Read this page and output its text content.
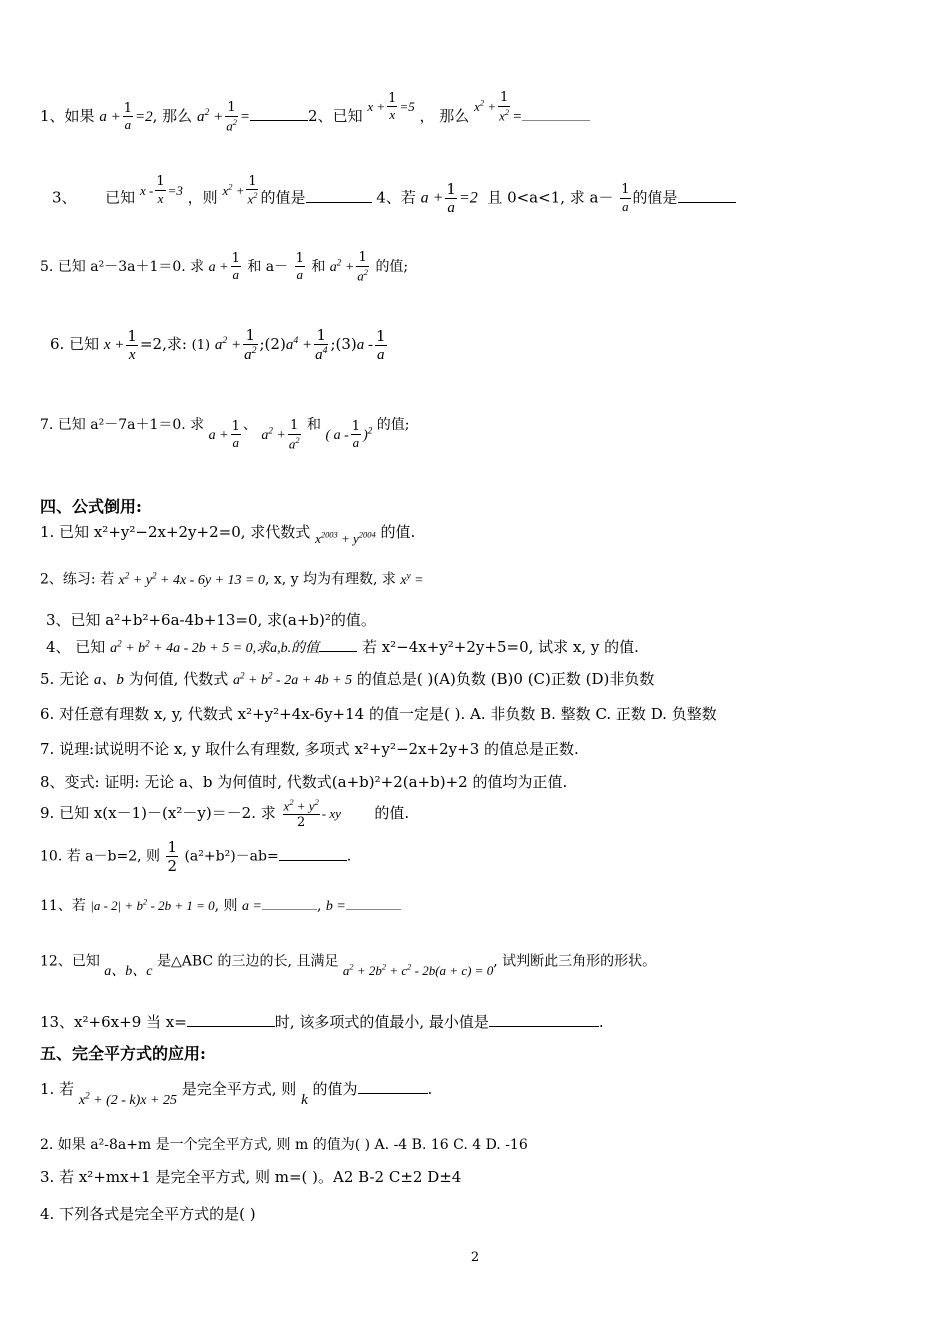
1、如果 $a + \frac{1}{a} =2$, 那么 $a^2 + \frac{1}{a^2}$ =	2、已知 $x + \frac{1}{x} =5$ ， 那么 $x^2 + \frac{1}{x^2}$ =
3、 已知 $x - \frac{1}{x} =3$ ，则 $x^2 + \frac{1}{x^2}$ 的值是	4、若 $a + \frac{1}{a} =2$ 且 0<a<1, 求 $a- \frac{1}{a}$ 的值是
5. 已知 a²－3a＋1＝0. 求 $a + \frac{1}{a}$ 和 $a- \frac{1}{a}$ 和 $a^2 + \frac{1}{a^2}$ 的值;
6. 已知 $x + \frac{1}{x} =2$,求: (1) $a^2 + \frac{1}{a^2}$ $;(2)a^4 + \frac{1}{a^4}$ ;(3)a - $\frac{1}{a}$
7. 已知 a²－7a＋1＝0. 求 $a + \frac{1}{a}$ 、 $a^2 + \frac{1}{a^2}$ 和 ( a - $\frac{1}{a} )^2$ 的值;
四、公式倒用:
1. 已知 x²+y²−2x+2y+2=0, 求代数式 $x^{2003} + y^{2004}$ 的值.
2、练习: 若 $x^2 + y^2 + 4x - 6y + 13 = 0$, x, y 均为有理数, 求 $x^y$ =
3、已知 a²+b²+6a-4b+13=0, 求(a+b)²的值。
4、 已知 $a^2 + b^2 + 4a - 2b + 5 = 0$,求a,b.的值	若 x²−4x+y²+2y+5=0, 试求 x, y 的值.
5. 无论 a、b 为何值, 代数式 $a^2 + b^2 - 2a + 4b + 5$ 的值总是( )(A)负数 (B)0 (C)正数 (D)非负数
6. 对任意有理数 x, y, 代数式 x²+y²+4x-6y+14 的值一定是( ). A. 非负数 B. 整数 C. 正数 D. 负整数
7. 说理:试说明不论 x, y 取什么有理数, 多项式 x²+y²−2x+2y+3 的值总是正数.
8、变式: 证明: 无论 a、b 为何值时, 代数式(a+b)²+2(a+b)+2 的值均为正值.
9. 已知 x(x－1)－(x²－y)＝－2. 求 $\frac{x^2 + y^2}{2}$ - xy 的值.
10. 若 a－b=2, 则 $\frac{1}{2} (a^2+b^2)-ab=$	.
11、若 $|a - 2| + b^2 - 2b + 1 = 0$, 则 a =	, b =
12、已知 a、b、c 是△ABC 的三边的长, 且满足 $a^2 + 2b^2 + c^2 - 2b(a + c) = 0$, 试判断此三角形的形状。
13、x²+6x+9 当 x=	时, 该多项式的值最小, 最小值是	.
五、完全平方式的应用:
1. 若 $x^2 + (2 - k)x + 25$ 是完全平方式, 则 k 的值为	.
2. 如果 a²-8a+m 是一个完全平方式, 则 m 的值为( ) A. -4 B. 16 C. 4 D. -16
3. 若 x²+mx+1 是完全平方式, 则 m=( )。A2 B-2 C±2 D±4
4. 下列各式是完全平方式的是( )
2
